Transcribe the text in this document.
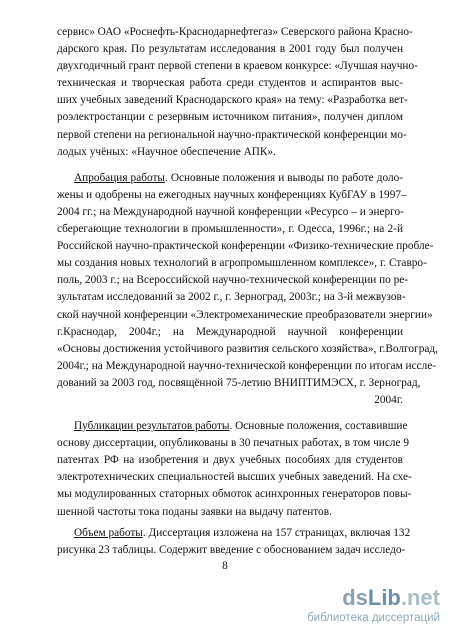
сервис» ОАО «Роснефть-Краснодарнефтегаз» Северского района Красно-
дарского края. По результатам исследования в 2001 году был получен
двухгодичный грант первой степени в краевом конкурсе: «Лучшая научно-
техническая и творческая работа среди студентов и аспирантов выс-
ших учебных заведений Краснодарского края» на тему: «Разработка вет-
роэлектростанции с резервным источником питания», получен диплом
первой степени на региональной научно-практической конференции мо-
лодых учёных: «Научное обеспечение АПК».

Апробация работы. Основные положения и выводы по работе доло-
жены и одобрены на ежегодных научных конференциях КубГАУ в 1997–
2004 гг.; на Международной научной конференции «Ресурсо – и энерго-
сберегающие технологии в промышленности», г. Одесса, 1996г.; на 2-й
Российской научно-практической конференции «Физико-технические пробле-
мы создания новых технологий в агропромышленном комплексе», г. Ставро-
поль, 2003 г.; на Всероссийской научно-технической конференции по ре-
зультатам исследований за 2002 г., г. Зерноград, 2003г.; на 3-й межвузов-
ской научной конференции «Электромеханические преобразователи энергии»
г.Краснодар, 2004г.; на Международной научной конференции
«Основы достижения устойчивого развития сельского хозяйства», г.Волгоград,
2004г.; на Международной научно-технической конференции по итогам иссле-
дований за 2003 год, посвящённой 75-летию ВНИПТИМЭСХ, г. Зерноград,
2004г.

Публикации результатов работы. Основные положения, составившие
основу диссертации, опубликованы в 30 печатных работах, в том числе 9
патентах РФ на изобретения и двух учебных пособиях для студентов
электротехнических специальностей высших учебных заведений. На схе-
мы модулированных статорных обмоток асинхронных генераторов повы-
шенной частоты тока поданы заявки на выдачу патентов.

Объем работы. Диссертация изложена на 157 страницах, включая 132
рисунка 23 таблицы. Содержит введение с обоснованием задач исследо-

8
dsLib.net
библиотека диссертаций
